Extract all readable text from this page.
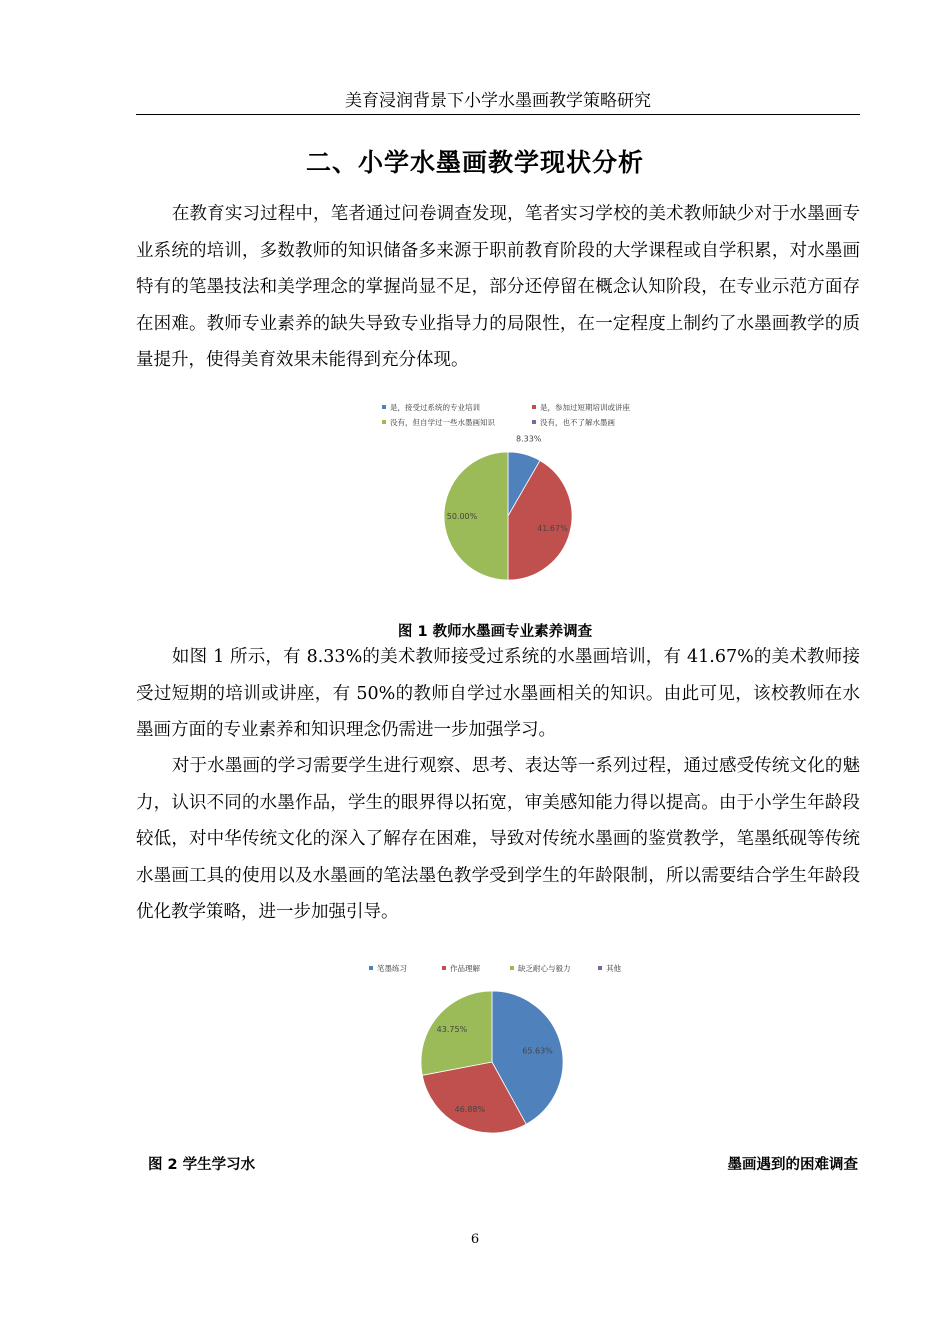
美育浸润背景下小学水墨画教学策略研究
二、小学水墨画教学现状分析

在教育实习过程中，笔者通过问卷调查发现，笔者实习学校的美术教师缺少对于水墨画专业系统的培训，多数教师的知识储备多来源于职前教育阶段的大学课程或自学积累，对水墨画特有的笔墨技法和美学理念的掌握尚显不足，部分还停留在概念认知阶段，在专业示范方面存在困难。教师专业素养的缺失导致专业指导力的局限性，在一定程度上制约了水墨画教学的质量提升，使得美育效果未能得到充分体现。

是，接受过系统的专业培训	是，参加过短期培训或讲座
没有，但自学过一些水墨画知识	没有，也不了解水墨画
8.33%
41.67%
50.00%
图 1 教师水墨画专业素养调查

如图 1 所示，有 8.33%的美术教师接受过系统的水墨画培训，有 41.67%的美术教师接受过短期的培训或讲座，有 50%的教师自学过水墨画相关的知识。由此可见，该校教师在水墨画方面的专业素养和知识理念仍需进一步加强学习。

对于水墨画的学习需要学生进行观察、思考、表达等一系列过程，通过感受传统文化的魅力，认识不同的水墨作品，学生的眼界得以拓宽，审美感知能力得以提高。由于小学生年龄段较低，对中华传统文化的深入了解存在困难，导致对传统水墨画的鉴赏教学，笔墨纸砚等传统水墨画工具的使用以及水墨画的笔法墨色教学受到学生的年龄限制，所以需要结合学生年龄段优化教学策略，进一步加强引导。

笔墨练习	作品理解	缺乏耐心与毅力	其他
65.63%
46.88%
43.75%
图 2 学生学习水	墨画遇到的困难调查
6
